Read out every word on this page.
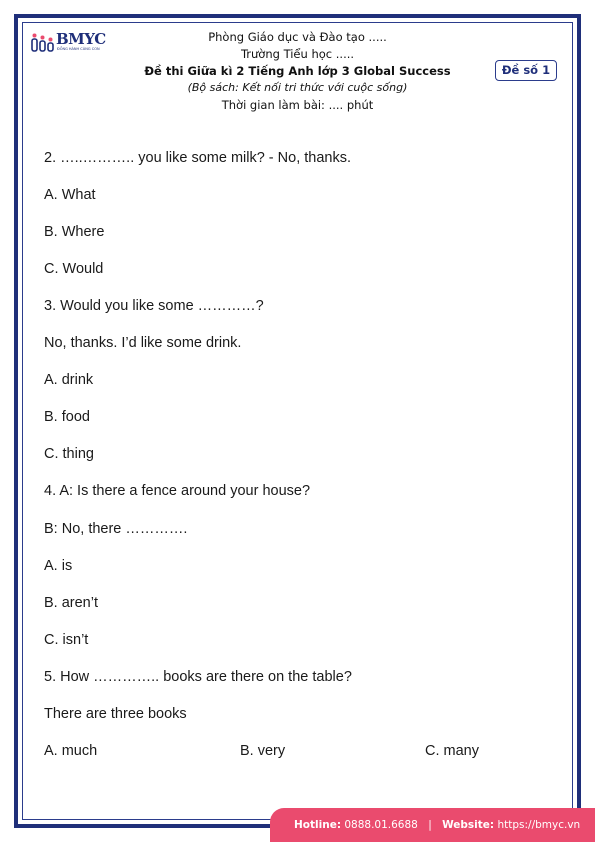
BMYC
ĐỒNG HÀNH CÙNG CON
Phòng Giáo dục và Đào tạo .....
Trường Tiểu học .....
Đề thi Giữa kì 2 Tiếng Anh lớp 3 Global Success
(Bộ sách: Kết nối tri thức với cuộc sống)
Thời gian làm bài: .... phút
Đề số 1
2. …..……….. you like some milk? - No, thanks.
A. What
B. Where
C. Would
3. Would you like some …………?
No, thanks. I’d like some drink.
A. drink
B. food
C. thing
4. A: Is there a fence around your house?
B: No, there ………….
A. is
B. aren’t
C. isn’t
5. How ………….. books are there on the table?
There are three books
A. much	B. very	C. many
Hotline: 0888.01.6688 | Website: https://bmyc.vn
